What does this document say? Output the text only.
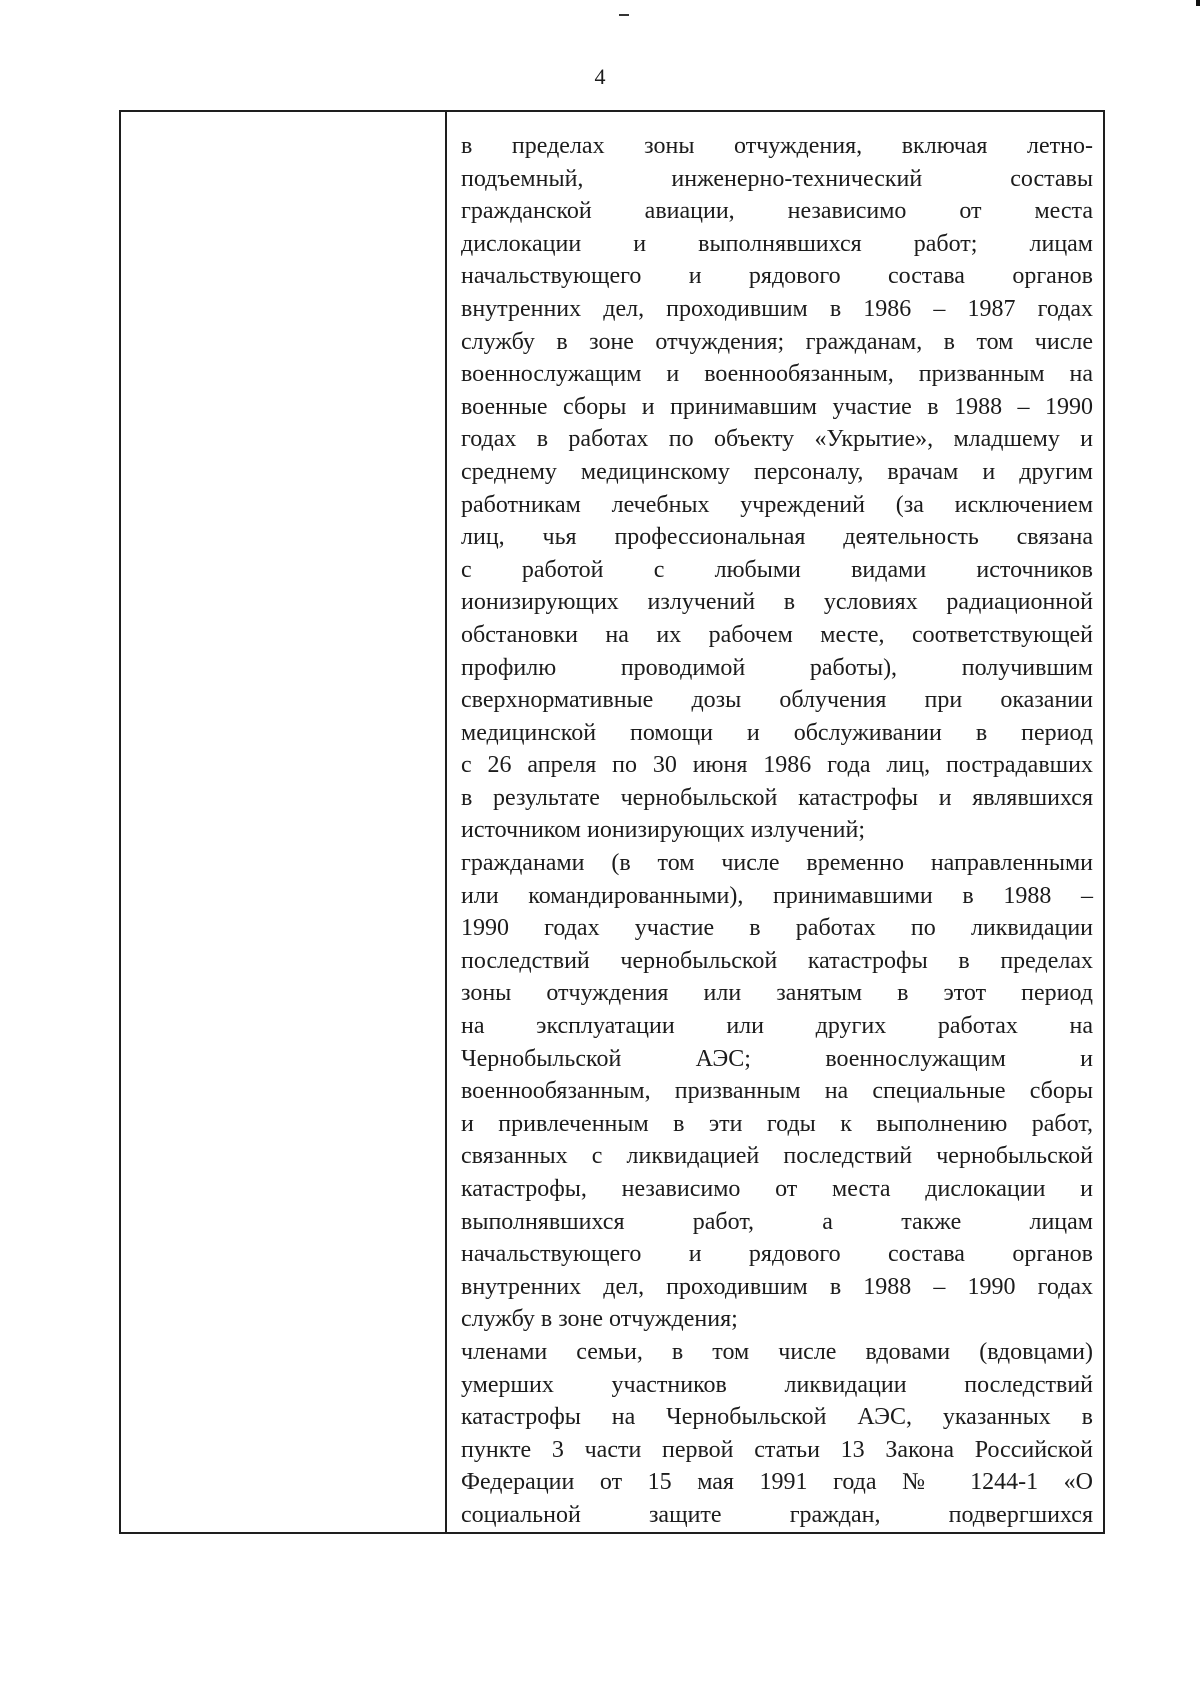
4
в пределах зоны отчуждения, включая летно-
подъемный, инженерно-технический составы
гражданской авиации, независимо от места
дислокации и выполнявшихся работ; лицам
начальствующего и рядового состава органов
внутренних дел, проходившим в 1986 – 1987 годах
службу в зоне отчуждения; гражданам, в том числе
военнослужащим и военнообязанным, призванным на
военные сборы и принимавшим участие в 1988 – 1990
годах в работах по объекту «Укрытие», младшему и
среднему медицинскому персоналу, врачам и другим
работникам лечебных учреждений (за исключением
лиц, чья профессиональная деятельность связана
с работой с любыми видами источников
ионизирующих излучений в условиях радиационной
обстановки на их рабочем месте, соответствующей
профилю проводимой работы), получившим
сверхнормативные дозы облучения при оказании
медицинской помощи и обслуживании в период
с 26 апреля по 30 июня 1986 года лиц, пострадавших
в результате чернобыльской катастрофы и являвшихся
источником ионизирующих излучений;
гражданами (в том числе временно направленными
или командированными), принимавшими в 1988 –
1990 годах участие в работах по ликвидации
последствий чернобыльской катастрофы в пределах
зоны отчуждения или занятым в этот период
на эксплуатации или других работах на
Чернобыльской АЭС; военнослужащим и
военнообязанным, призванным на специальные сборы
и привлеченным в эти годы к выполнению работ,
связанных с ликвидацией последствий чернобыльской
катастрофы, независимо от места дислокации и
выполнявшихся работ, а также лицам
начальствующего и рядового состава органов
внутренних дел, проходившим в 1988 – 1990 годах
службу в зоне отчуждения;
членами семьи, в том числе вдовами (вдовцами)
умерших участников ликвидации последствий
катастрофы на Чернобыльской АЭС, указанных в
пункте 3 части первой статьи 13 Закона Российской
Федерации от 15 мая 1991 года № 1244-1 «О
социальной защите граждан, подвергшихся
